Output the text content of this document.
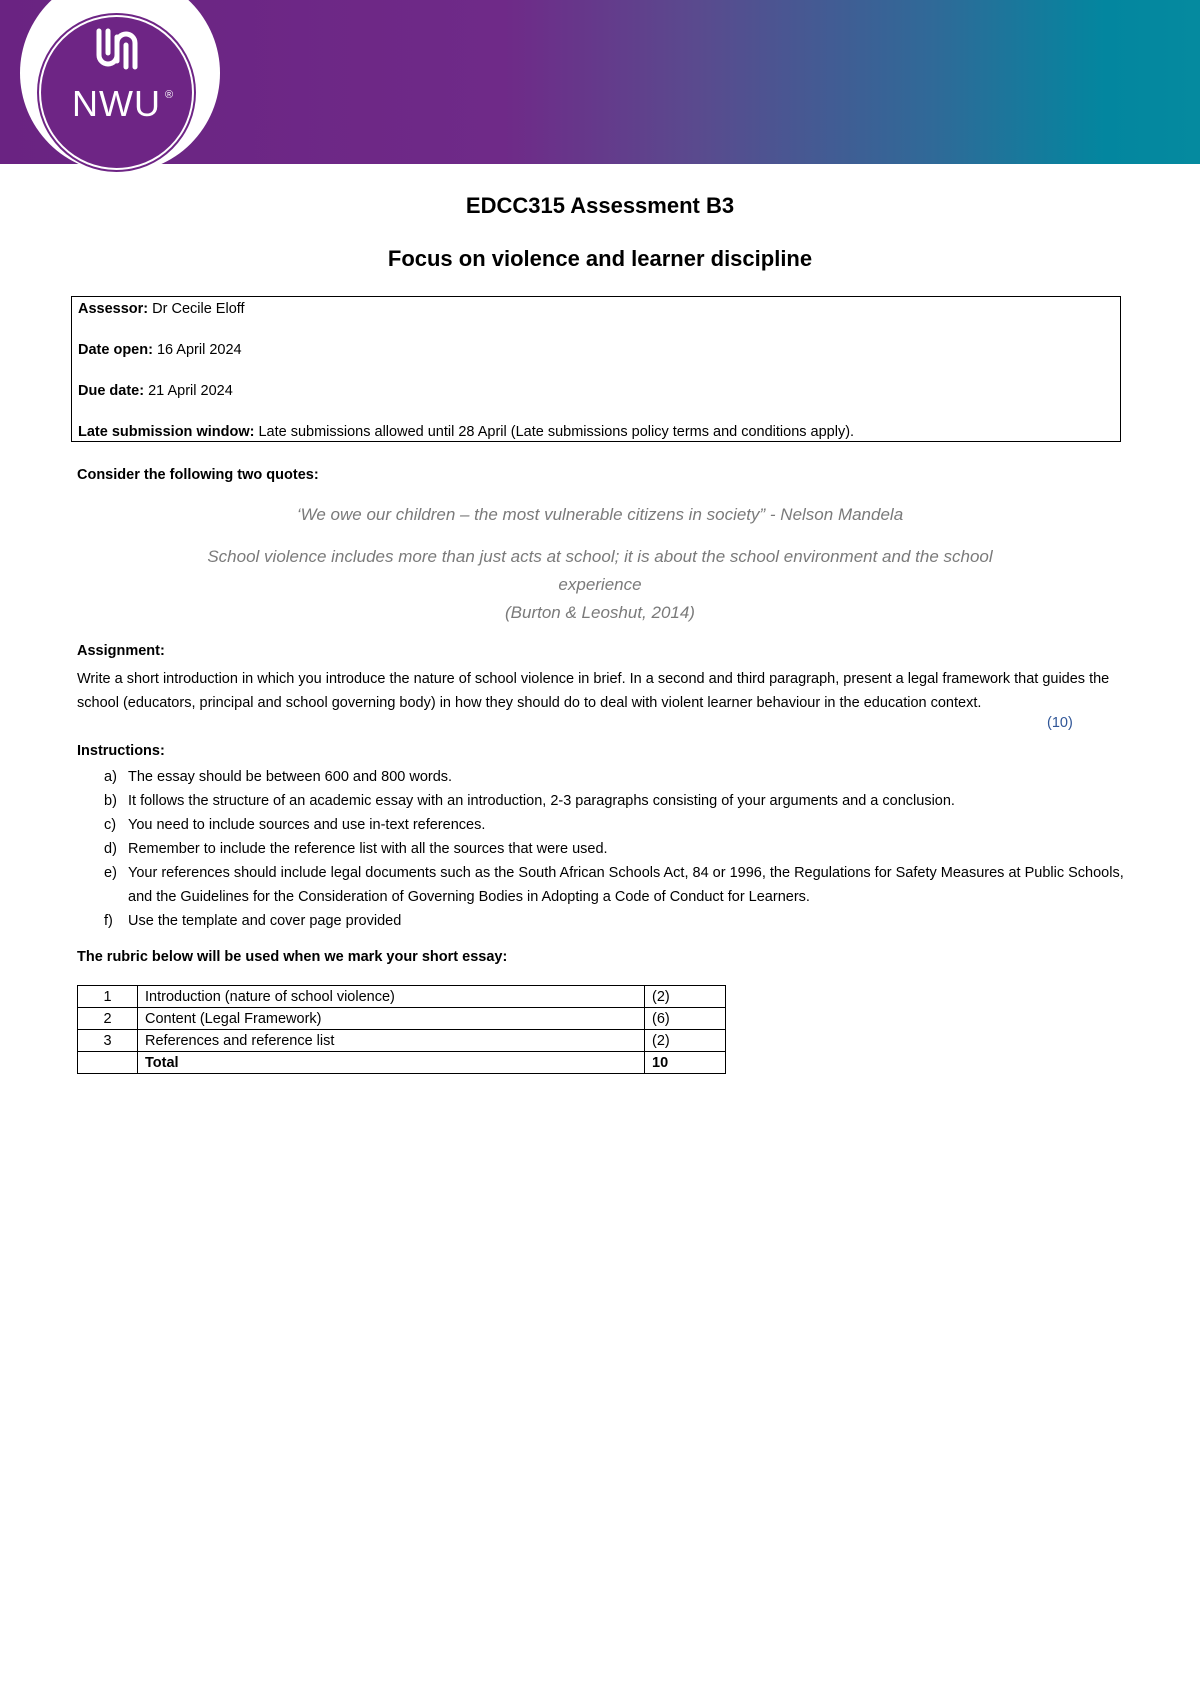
NWU ®
EDCC315 Assessment B3
Focus on violence and learner discipline
Assessor: Dr Cecile Eloff
Date open: 16 April 2024
Due date: 21 April 2024
Late submission window: Late submissions allowed until 28 April (Late submissions policy terms and conditions apply).

Consider the following two quotes:

‘We owe our children – the most vulnerable citizens in society” - Nelson Mandela

School violence includes more than just acts at school; it is about the school environment and the school

experience

(Burton & Leoshut, 2014)

Assignment:

Write a short introduction in which you introduce the nature of school violence in brief. In a second and third paragraph, present a legal framework that guides the school (educators, principal and school governing body) in how they should do to deal with violent learner behaviour in the education context.

(10)

Instructions:

a) The essay should be between 600 and 800 words.
b) It follows the structure of an academic essay with an introduction, 2-3 paragraphs consisting of your arguments and a conclusion.
c) You need to include sources and use in-text references.
d) Remember to include the reference list with all the sources that were used.
e) Your references should include legal documents such as the South African Schools Act, 84 or 1996, the Regulations for Safety Measures at Public Schools, and the Guidelines for the Consideration of Governing Bodies in Adopting a Code of Conduct for Learners.
f) Use the template and cover page provided

The rubric below will be used when we mark your short essay:

1	Introduction (nature of school violence)	(2)
2	Content (Legal Framework)	(6)
3	References and reference list	(2)
	Total	10
